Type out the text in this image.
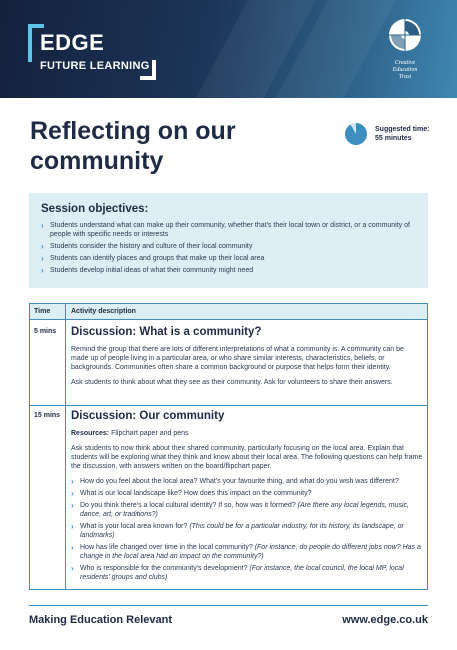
EDGE
FUTURE LEARNING	Creative
Education
Trust
Reflecting on our community
Suggested time:
55 minutes
Session objectives:
› Students understand what can make up their community, whether that's their local town or district, or a community of people with specific needs or interests
› Students consider the history and culture of their local community
› Students can identify places and groups that make up their local area
› Students develop initial ideas of what their community might need
Time	Activity description
5 mins Discussion: What is a community?

Remind the group that there are lots of different interpretations of what a community is. A community can be made up of people living in a particular area, or who share similar interests, characteristics, beliefs, or backgrounds. Communities often share a common background or purpose that helps form their identity.

Ask students to think about what they see as their community. Ask for volunteers to share their answers.

15 mins Discussion: Our community

Resources: Flipchart paper and pens

Ask students to now think about their shared community, particularly focusing on the local area. Explain that students will be exploring what they think and know about their local area. The following questions can help frame the discussion, with answers written on the board/flipchart paper.

› How do you feel about the local area? What's your favourite thing, and what do you wish was different?
› What is our local landscape like? How does this impact on the community?
› Do you think there's a local cultural identity? If so, how was it formed? (Are there any local legends, music, dance, art, or traditions?)
› What is your local area known for? (This could be for a particular industry, for its history, its landscape, or landmarks)
› How has life changed over time in the local community? (For instance, do people do different jobs now? Has a change in the local area had an impact on the community?)
› Who is responsible for the community's development? (For instance, the local council, the local MP, local residents' groups and clubs)
Making Education Relevant	www.edge.co.uk
